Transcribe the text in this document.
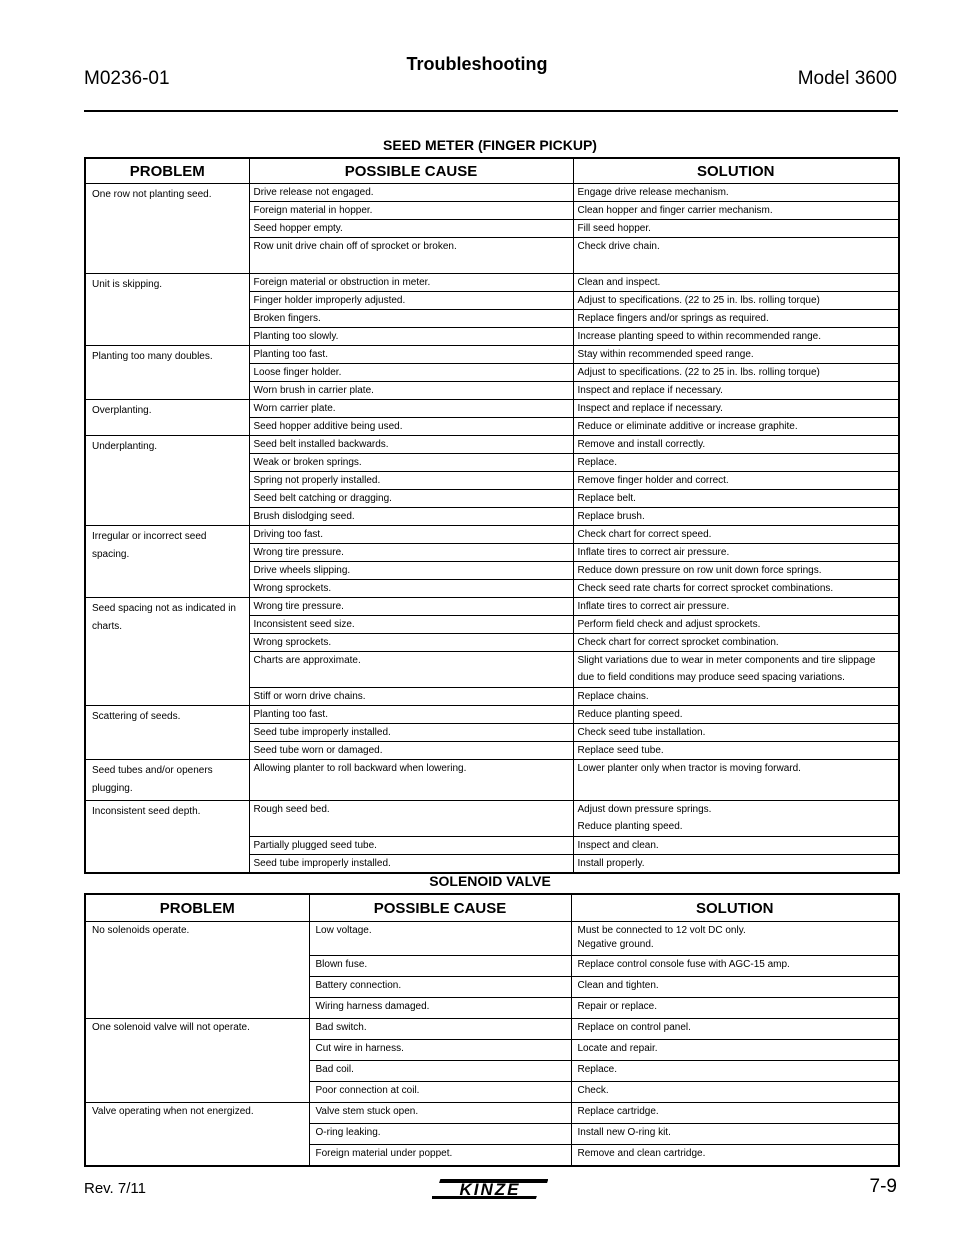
M0236-01
Troubleshooting
Model 3600
SEED METER (FINGER PICKUP)
PROBLEM	POSSIBLE CAUSE	SOLUTION
One row not planting seed.	Drive release not engaged.	Engage drive release mechanism.
	Foreign material in hopper.	Clean hopper and finger carrier mechanism.
	Seed hopper empty.	Fill seed hopper.
	Row unit drive chain off of sprocket or broken.	Check drive chain.
Unit is skipping.	Foreign material or obstruction in meter.	Clean and inspect.
	Finger holder improperly adjusted.	Adjust to specifications. (22 to 25 in. lbs. rolling torque)
	Broken fingers.	Replace fingers and/or springs as required.
	Planting too slowly.	Increase planting speed to within recommended range.
Planting too many doubles.	Planting too fast.	Stay within recommended speed range.
	Loose finger holder.	Adjust to specifications. (22 to 25 in. lbs. rolling torque)
	Worn brush in carrier plate.	Inspect and replace if necessary.
Overplanting.	Worn carrier plate.	Inspect and replace if necessary.
	Seed hopper additive being used.	Reduce or eliminate additive or increase graphite.
Underplanting.	Seed belt installed backwards.	Remove and install correctly.
	Weak or broken springs.	Replace.
	Spring not properly installed.	Remove finger holder and correct.
	Seed belt catching or dragging.	Replace belt.
	Brush dislodging seed.	Replace brush.
Irregular or incorrect seed spacing.	Driving too fast.	Check chart for correct speed.
	Wrong tire pressure.	Inflate tires to correct air pressure.
	Drive wheels slipping.	Reduce down pressure on row unit down force springs.
	Wrong sprockets.	Check seed rate charts for correct sprocket combinations.
Seed spacing not as indicated in charts.	Wrong tire pressure.	Inflate tires to correct air pressure.
	Inconsistent seed size.	Perform field check and adjust sprockets.
	Wrong sprockets.	Check chart for correct sprocket combination.
	Charts are approximate.	Slight variations due to wear in meter components and tire slippage due to field conditions may produce seed spacing variations.
	Stiff or worn drive chains.	Replace chains.
Scattering of seeds.	Planting too fast.	Reduce planting speed.
	Seed tube improperly installed.	Check seed tube installation.
	Seed tube worn or damaged.	Replace seed tube.
Seed tubes and/or openers plugging.	Allowing planter to roll backward when lowering.	Lower planter only when tractor is moving forward.
Inconsistent seed depth.	Rough seed bed.	Adjust down pressure springs.
Reduce planting speed.
	Partially plugged seed tube.	Inspect and clean.
	Seed tube improperly installed.	Install properly.
SOLENOID VALVE
PROBLEM	POSSIBLE CAUSE	SOLUTION
No solenoids operate.	Low voltage.	Must be connected to 12 volt DC only.
Negative ground.
	Blown fuse.	Replace control console fuse with AGC-15 amp.
	Battery connection.	Clean and tighten.
	Wiring harness damaged.	Repair or replace.
One solenoid valve will not operate.	Bad switch.	Replace on control panel.
	Cut wire in harness.	Locate and repair.
	Bad coil.	Replace.
	Poor connection at coil.	Check.
Valve operating when not energized.	Valve stem stuck open.	Replace cartridge.
	O-ring leaking.	Install new O-ring kit.
	Foreign material under poppet.	Remove and clean cartridge.
Rev. 7/11	KINZE	7-9
